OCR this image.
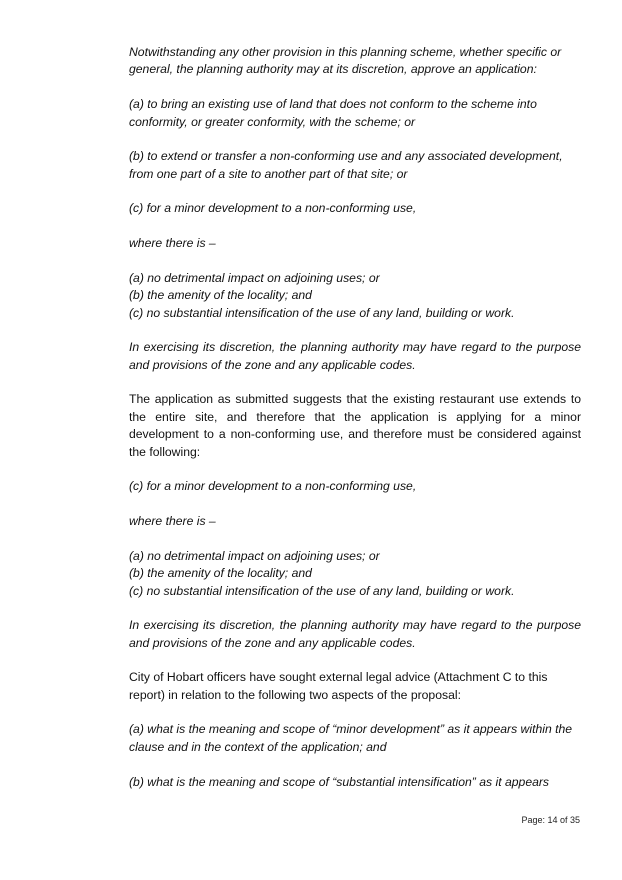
Notwithstanding any other provision in this planning scheme, whether specific or general, the planning authority may at its discretion, approve an application:

(a) to bring an existing use of land that does not conform to the scheme into conformity, or greater conformity, with the scheme; or

(b) to extend or transfer a non-conforming use and any associated development, from one part of a site to another part of that site; or

(c) for a minor development to a non-conforming use,

where there is –

(a) no detrimental impact on adjoining uses; or
(b) the amenity of the locality; and
(c) no substantial intensification of the use of any land, building or work.

In exercising its discretion, the planning authority may have regard to the purpose and provisions of the zone and any applicable codes.

The application as submitted suggests that the existing restaurant use extends to the entire site, and therefore that the application is applying for a minor development to a non-conforming use, and therefore must be considered against the following:

(c) for a minor development to a non-conforming use,

where there is –

(a) no detrimental impact on adjoining uses; or
(b) the amenity of the locality; and
(c) no substantial intensification of the use of any land, building or work.

In exercising its discretion, the planning authority may have regard to the purpose and provisions of the zone and any applicable codes.

City of Hobart officers have sought external legal advice (Attachment C to this report) in relation to the following two aspects of the proposal:

(a) what is the meaning and scope of “minor development” as it appears within the clause and in the context of the application; and

(b) what is the meaning and scope of “substantial intensification” as it appears

Page: 14 of 35
